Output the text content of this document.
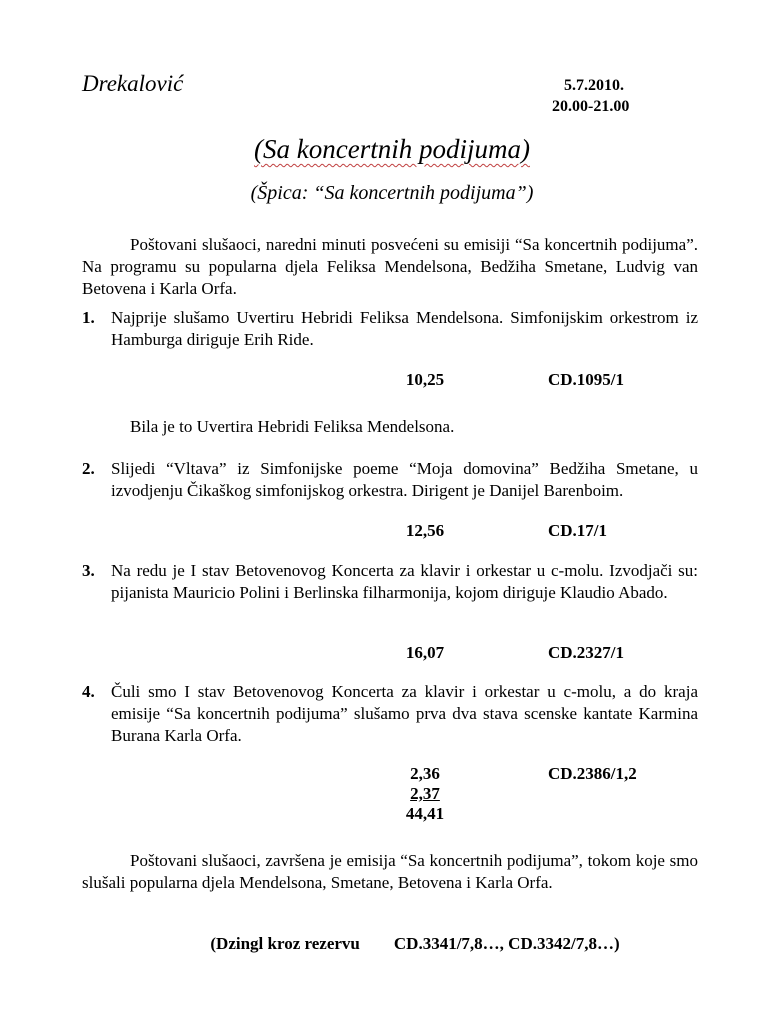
Drekalović	5.7.2010.
20.00-21.00
(Sa koncertnih podijuma)
(Špica: “Sa koncertnih podijuma”)
Poštovani slušaoci, naredni minuti posvećeni su emisiji “Sa koncertnih podijuma”. Na programu su popularna djela Feliksa Mendelsona, Bedžiha Smetane, Ludvig van Betovena i Karla Orfa.
1. Najprije slušamo Uvertiru Hebridi Feliksa Mendelsona. Simfonijskim orkestrom iz Hamburga diriguje Erih Ride.
10,25	CD.1095/1
Bila je to Uvertira Hebridi Feliksa Mendelsona.
2. Slijedi “Vltava” iz Simfonijske poeme “Moja domovina” Bedžiha Smetane, u izvodjenju Čikaškog simfonijskog orkestra. Dirigent je Danijel Barenboim.
12,56	CD.17/1
3. Na redu je I stav Betovenovog Koncerta za klavir i orkestar u c-molu. Izvodjači su: pijanista Mauricio Polini i Berlinska filharmonija, kojom diriguje Klaudio Abado.
16,07	CD.2327/1
4. Čuli smo I stav Betovenovog Koncerta za klavir i orkestar u c-molu, a do kraja emisije “Sa koncertnih podijuma” slušamo prva dva stava scenske kantate Karmina Burana Karla Orfa.
2,36	CD.2386/1,2
2,37
44,41
Poštovani slušaoci, završena je emisija “Sa koncertnih podijuma”, tokom koje smo slušali popularna djela Mendelsona, Smetane, Betovena i Karla Orfa.
(Dzingl kroz rezervu CD.3341/7,8…, CD.3342/7,8…)
